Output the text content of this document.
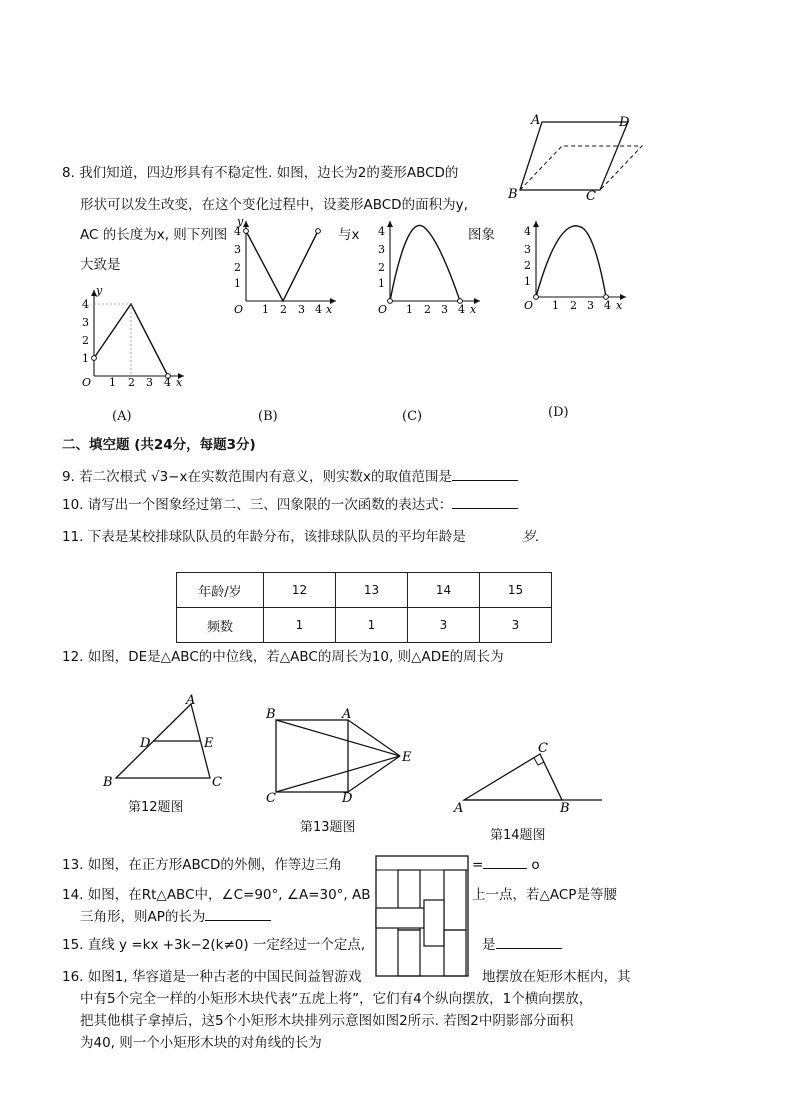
8. 我们知道，四边形具有不稳定性. 如图，边长为2的菱形ABCD的
形状可以发生改变，在这个变化过程中，设菱形ABCD的面积为y,
AC 的长度为x, 则下列图	与x	图象
大致是
A	D
B	C
y
4
3
2
1
O 1 2 3 4 x
y
4
3
2
1
O 1 2 3 4 x
4
3
2
1
O 1 2 3 4 x
4
3
2
1
O 1 2 3 4 x
(A)	(B)	(C)	(D)
二、填空题 (共24分，每题3分)
9. 若二次根式 √3−x在实数范围内有意义，则实数x的取值范围是
10. 请写出一个图象经过第二、三、四象限的一次函数的表达式：
11. 下表是某校排球队队员的年龄分布，该排球队队员的平均年龄是	岁.
年龄/岁	12	13	14	15
频数	1	1	3	3
12. 如图，DE是△ABC的中位线，若△ABC的周长为10, 则△ADE的周长为
A
D	E
B	C
第12题图
B	A
E
C	D
第13题图
C
A	B
第14题图
13. 如图，在正方形ABCD的外侧，作等边三角	=	o
14. 如图，在Rt△ABC中，∠C=90°, ∠A=30°, AB	上一点，若△ACP是等腰
三角形，则AP的长为
15. 直线 y =kx +3k−2(k≠0) 一定经过一个定点,	是
16. 如图1, 华容道是一种古老的中国民间益智游戏	地摆放在矩形木框内，其
中有5个完全一样的小矩形木块代表“五虎上将”，它们有4个纵向摆放，1个横向摆放，
把其他棋子拿掉后，这5个小矩形木块排列示意图如图2所示. 若图2中阴影部分面积
为40, 则一个小矩形木块的对角线的长为
